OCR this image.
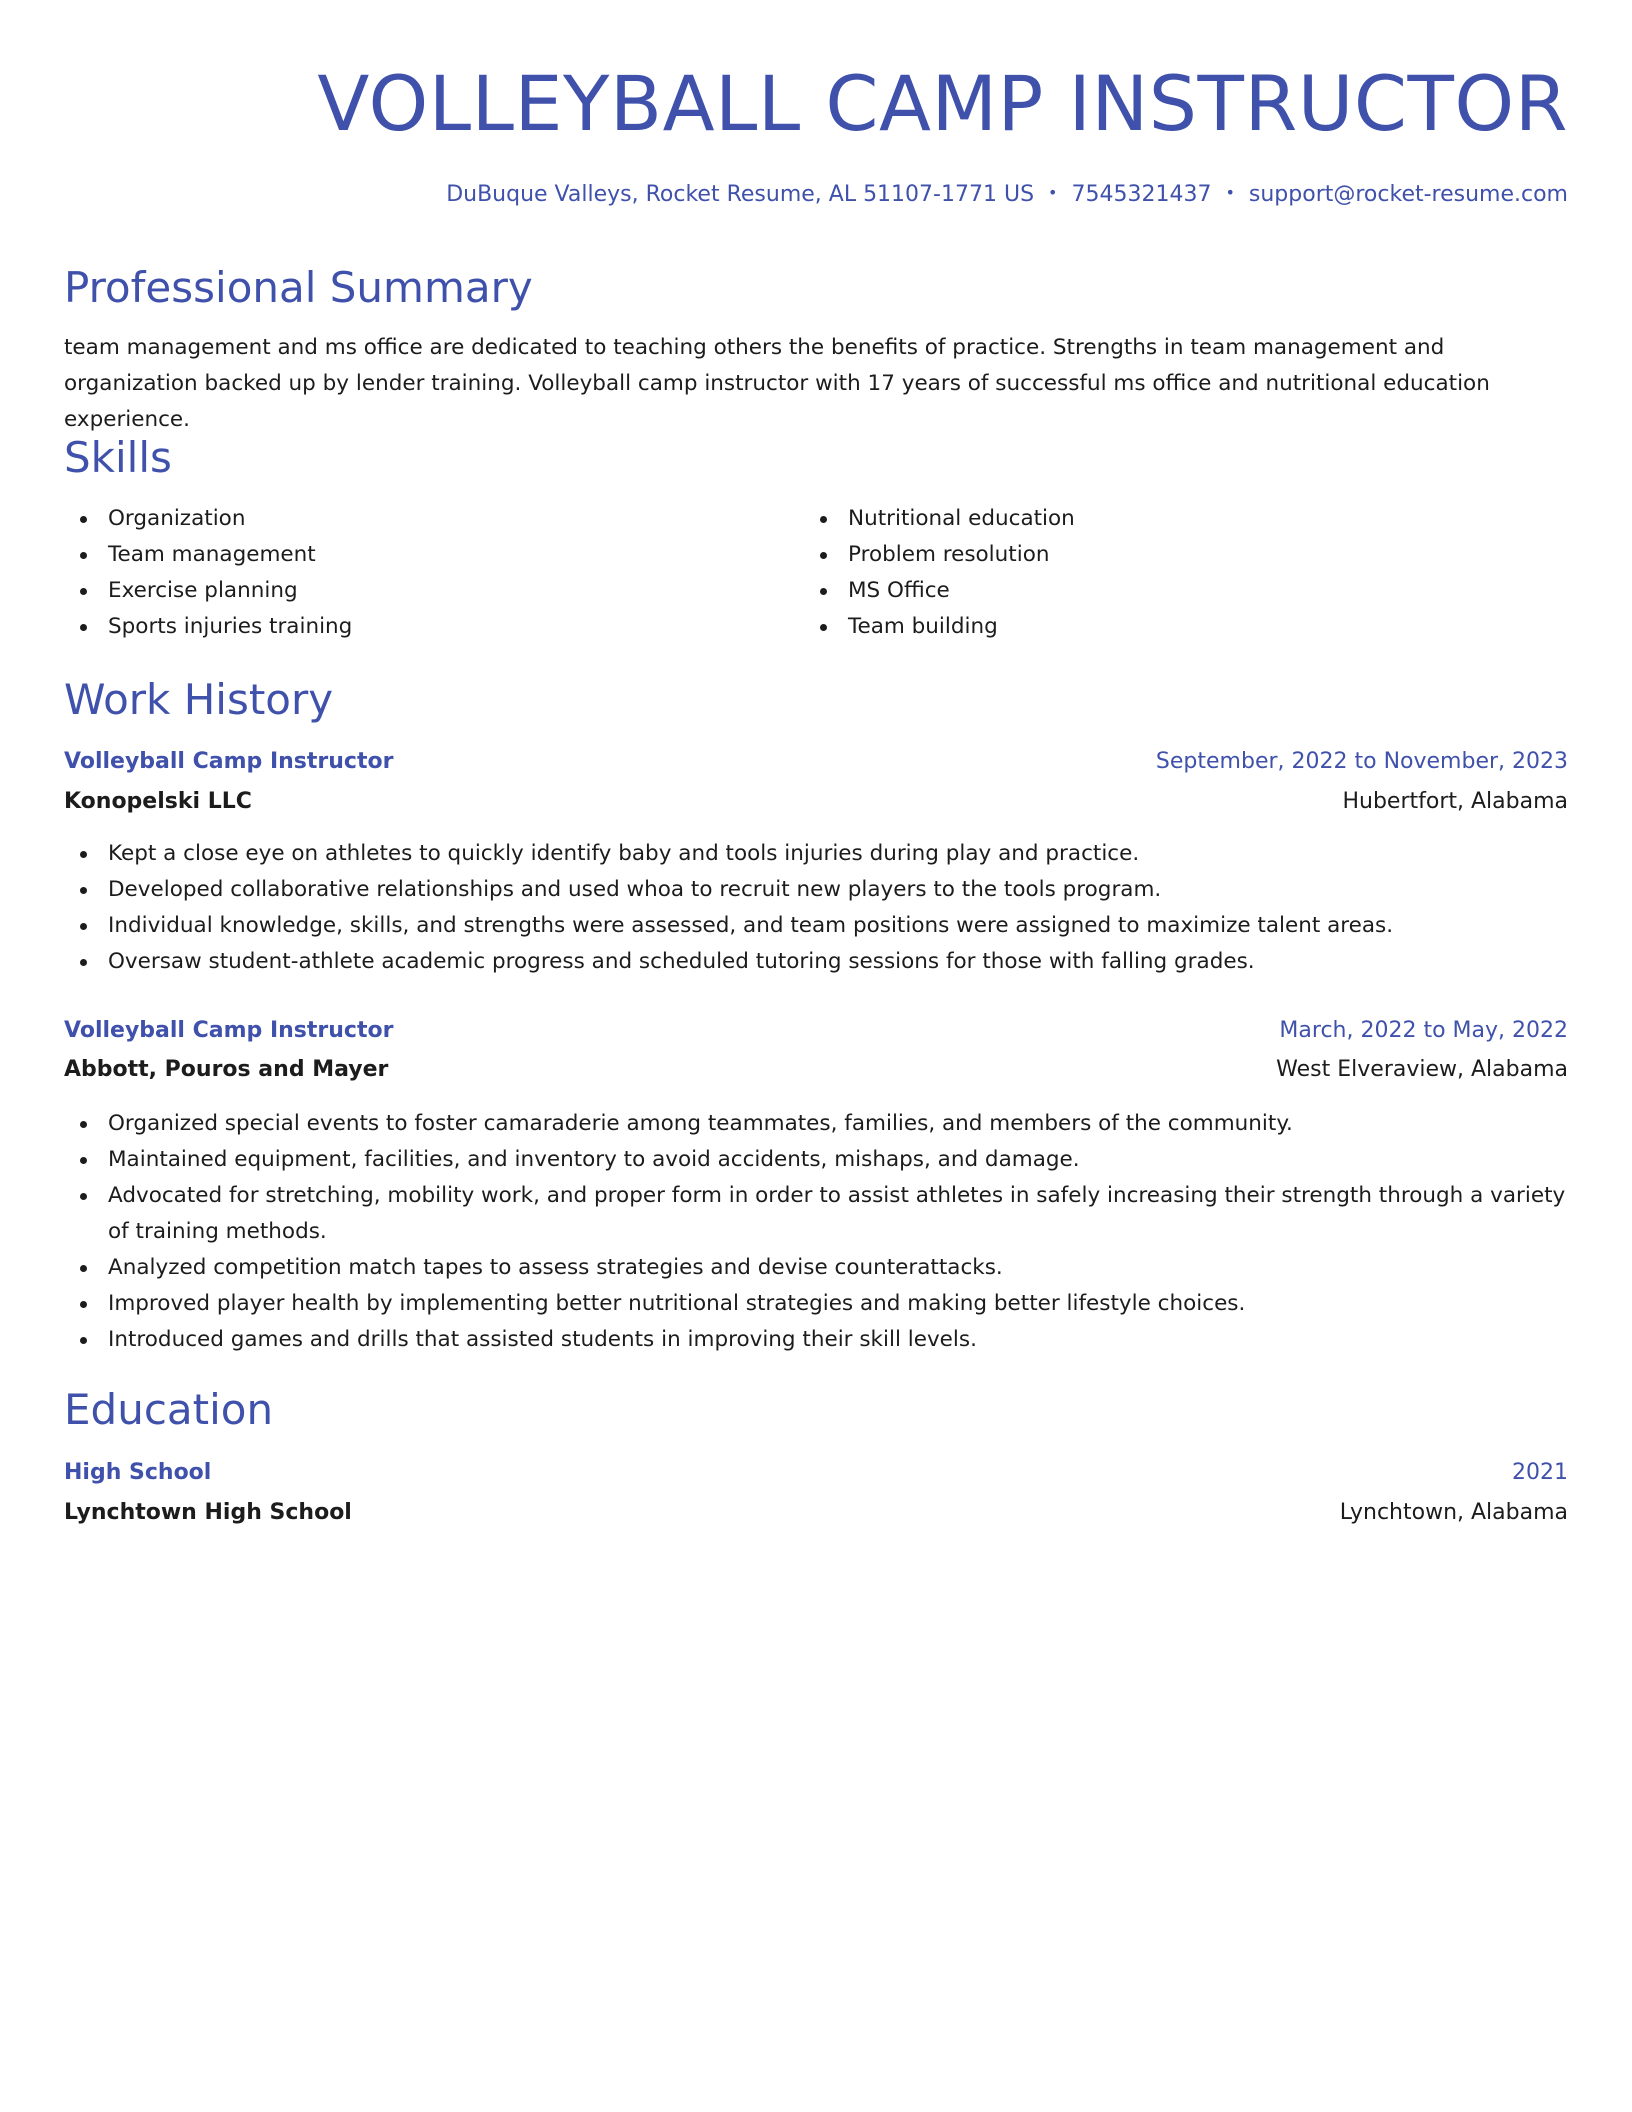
VOLLEYBALL CAMP INSTRUCTOR
DuBuque Valleys, Rocket Resume, AL 51107-1771 US • 7545321437 • support@rocket-resume.com
Professional Summary

team management and ms office are dedicated to teaching others the benefits of practice. Strengths in team management and organization backed up by lender training. Volleyball camp instructor with 17 years of successful ms office and nutritional education experience.

Skills
Organization
Team management
Exercise planning
Sports injuries training
Nutritional education
Problem resolution
MS Office
Team building
Work History
Volleyball Camp Instructor	September, 2022 to November, 2023
Konopelski LLC	Hubertfort, Alabama
Kept a close eye on athletes to quickly identify baby and tools injuries during play and practice.
Developed collaborative relationships and used whoa to recruit new players to the tools program.
Individual knowledge, skills, and strengths were assessed, and team positions were assigned to maximize talent areas.
Oversaw student-athlete academic progress and scheduled tutoring sessions for those with falling grades.
Volleyball Camp Instructor	March, 2022 to May, 2022
Abbott, Pouros and Mayer	West Elveraview, Alabama
Organized special events to foster camaraderie among teammates, families, and members of the community.
Maintained equipment, facilities, and inventory to avoid accidents, mishaps, and damage.
Advocated for stretching, mobility work, and proper form in order to assist athletes in safely increasing their strength through a variety of training methods.
Analyzed competition match tapes to assess strategies and devise counterattacks.
Improved player health by implementing better nutritional strategies and making better lifestyle choices.
Introduced games and drills that assisted students in improving their skill levels.
Education
High School	2021
Lynchtown High School	Lynchtown, Alabama
